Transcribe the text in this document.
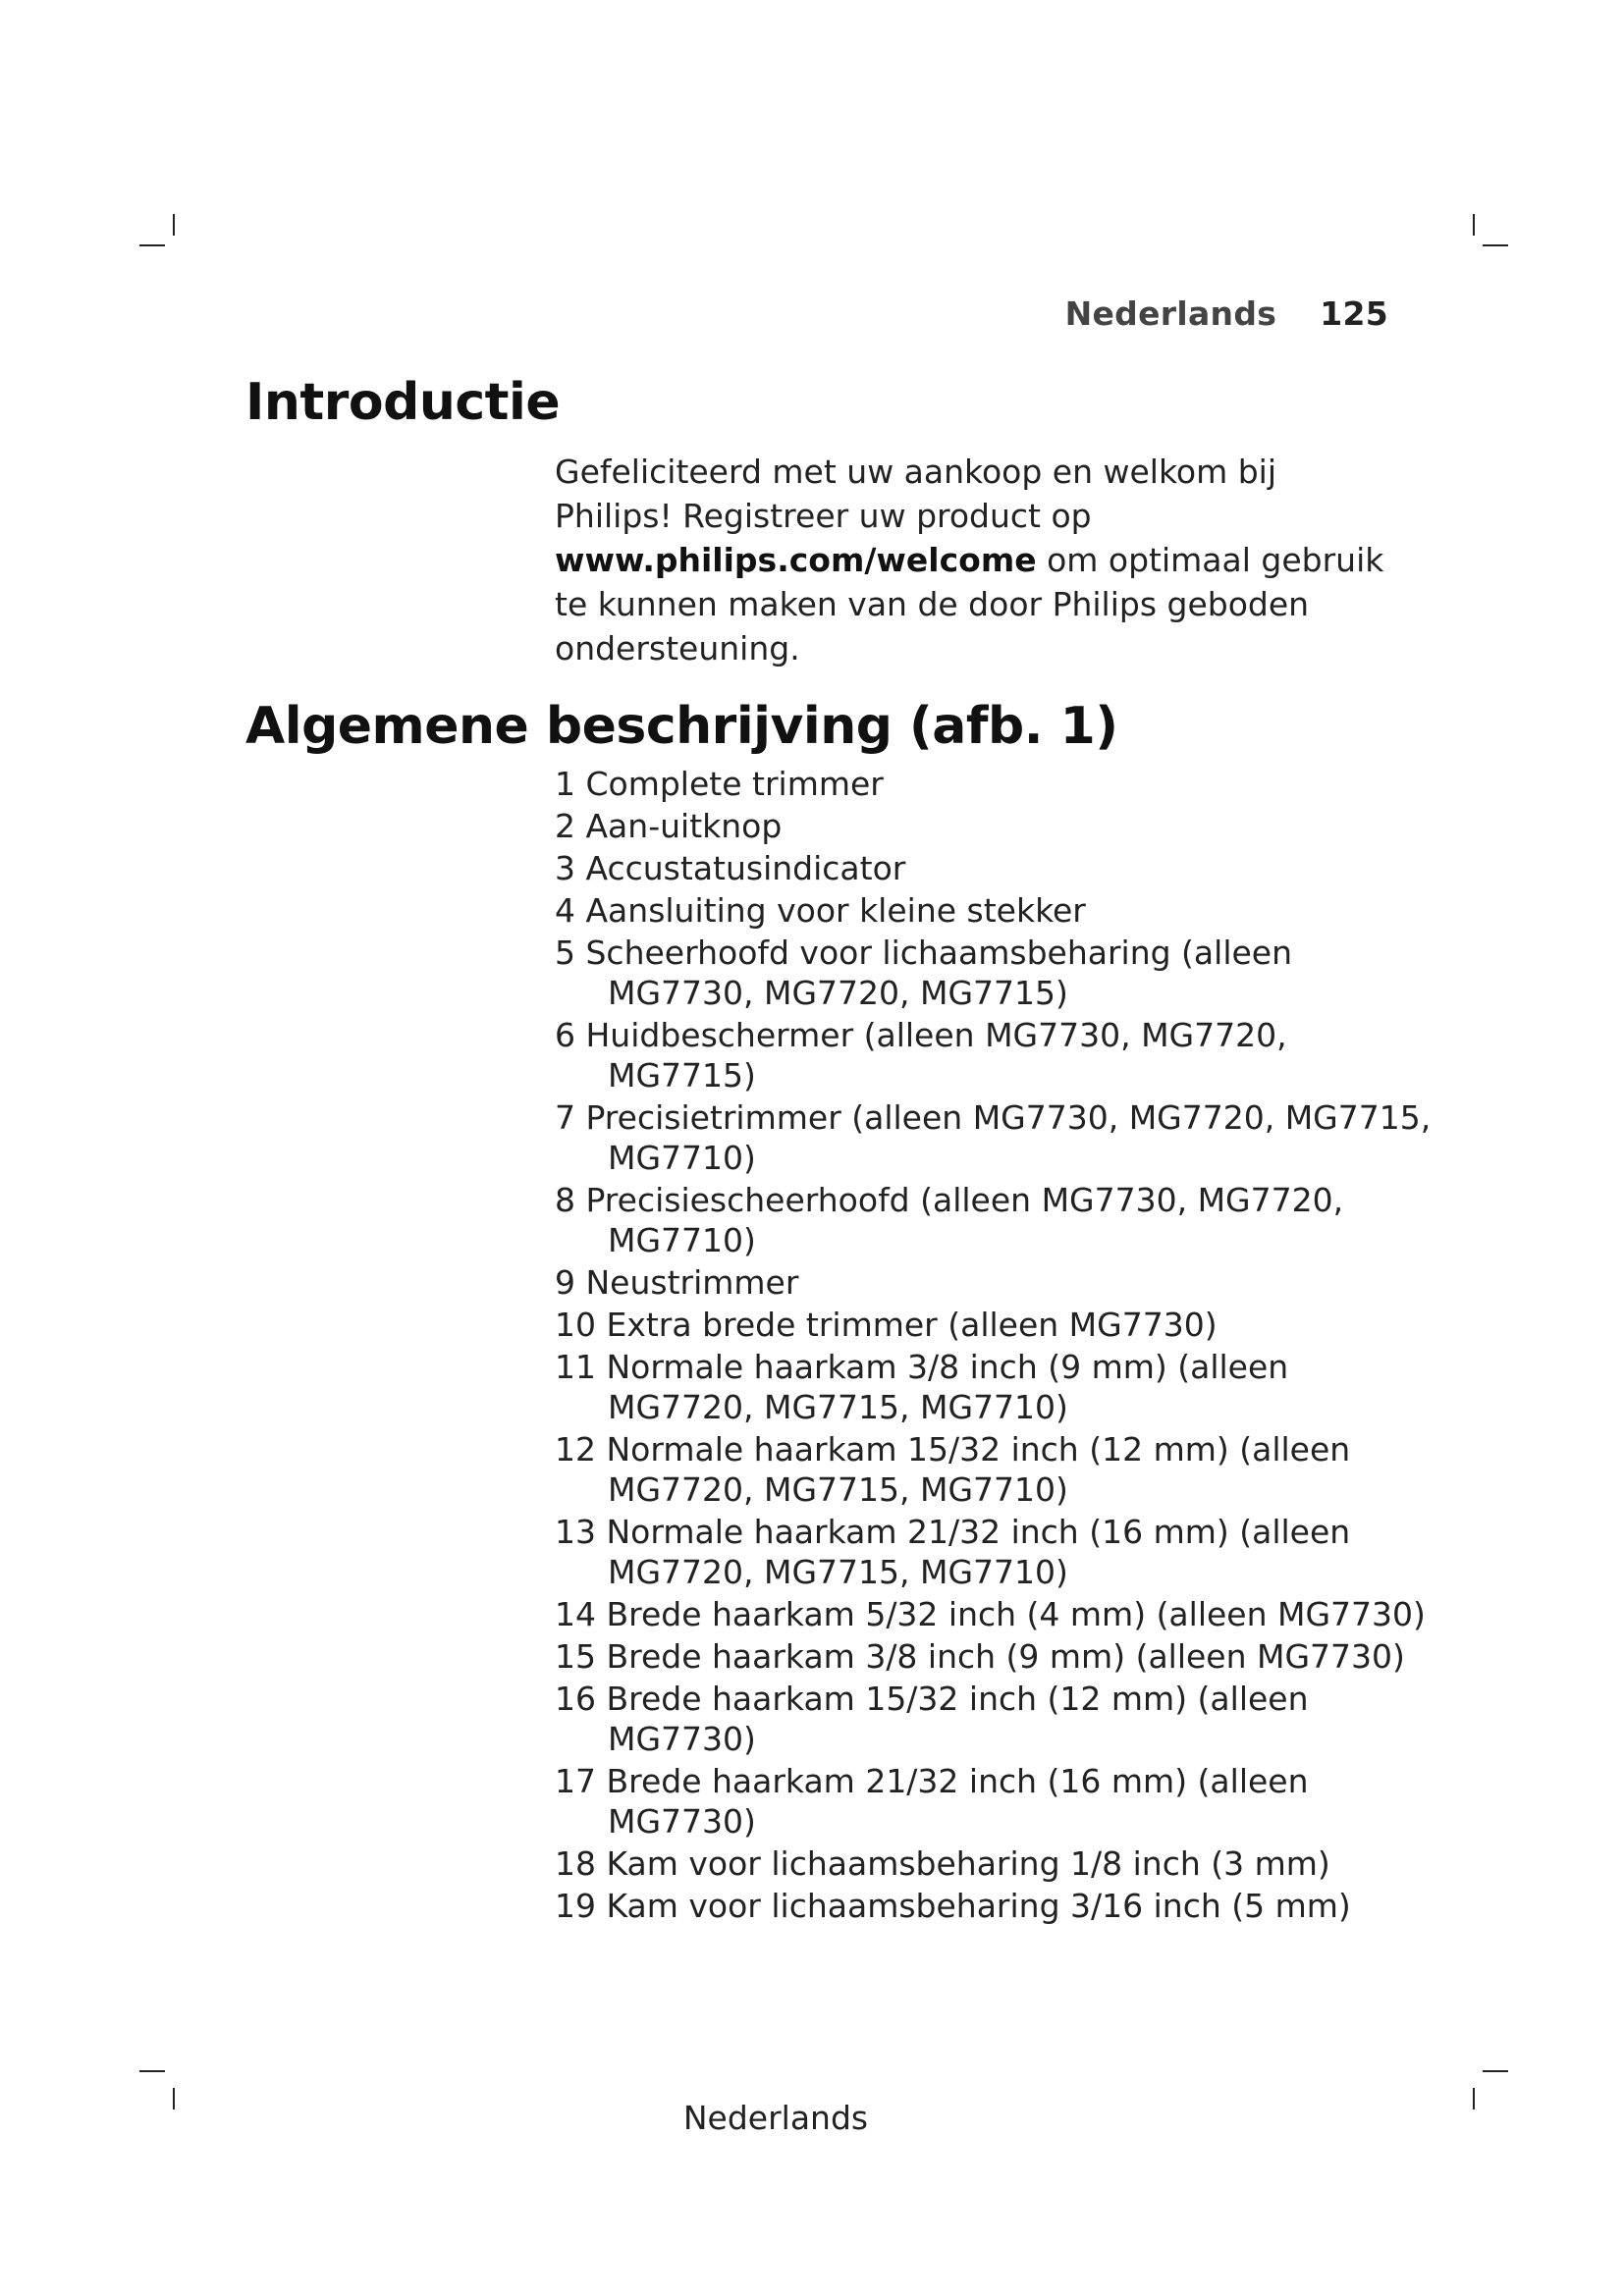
Nederlands 125
Introductie
Gefeliciteerd met uw aankoop en welkom bij Philips! Registreer uw product op www.philips.com/welcome om optimaal gebruik te kunnen maken van de door Philips geboden ondersteuning.
Algemene beschrijving (afb. 1)
1 Complete trimmer
2 Aan-uitknop
3 Accustatusindicator
4 Aansluiting voor kleine stekker
5 Scheerhoofd voor lichaamsbeharing (alleen MG7730, MG7720, MG7715)
6 Huidbeschermer (alleen MG7730, MG7720, MG7715)
7 Precisietrimmer (alleen MG7730, MG7720, MG7715, MG7710)
8 Precisiescheerhoofd (alleen MG7730, MG7720, MG7710)
9 Neustrimmer
10 Extra brede trimmer (alleen MG7730)
11 Normale haarkam 3/8 inch (9 mm) (alleen MG7720, MG7715, MG7710)
12 Normale haarkam 15/32 inch (12 mm) (alleen MG7720, MG7715, MG7710)
13 Normale haarkam 21/32 inch (16 mm) (alleen MG7720, MG7715, MG7710)
14 Brede haarkam 5/32 inch (4 mm) (alleen MG7730)
15 Brede haarkam 3/8 inch (9 mm) (alleen MG7730)
16 Brede haarkam 15/32 inch (12 mm) (alleen MG7730)
17 Brede haarkam 21/32 inch (16 mm) (alleen MG7730)
18 Kam voor lichaamsbeharing 1/8 inch (3 mm)
19 Kam voor lichaamsbeharing 3/16 inch (5 mm)
Nederlands
